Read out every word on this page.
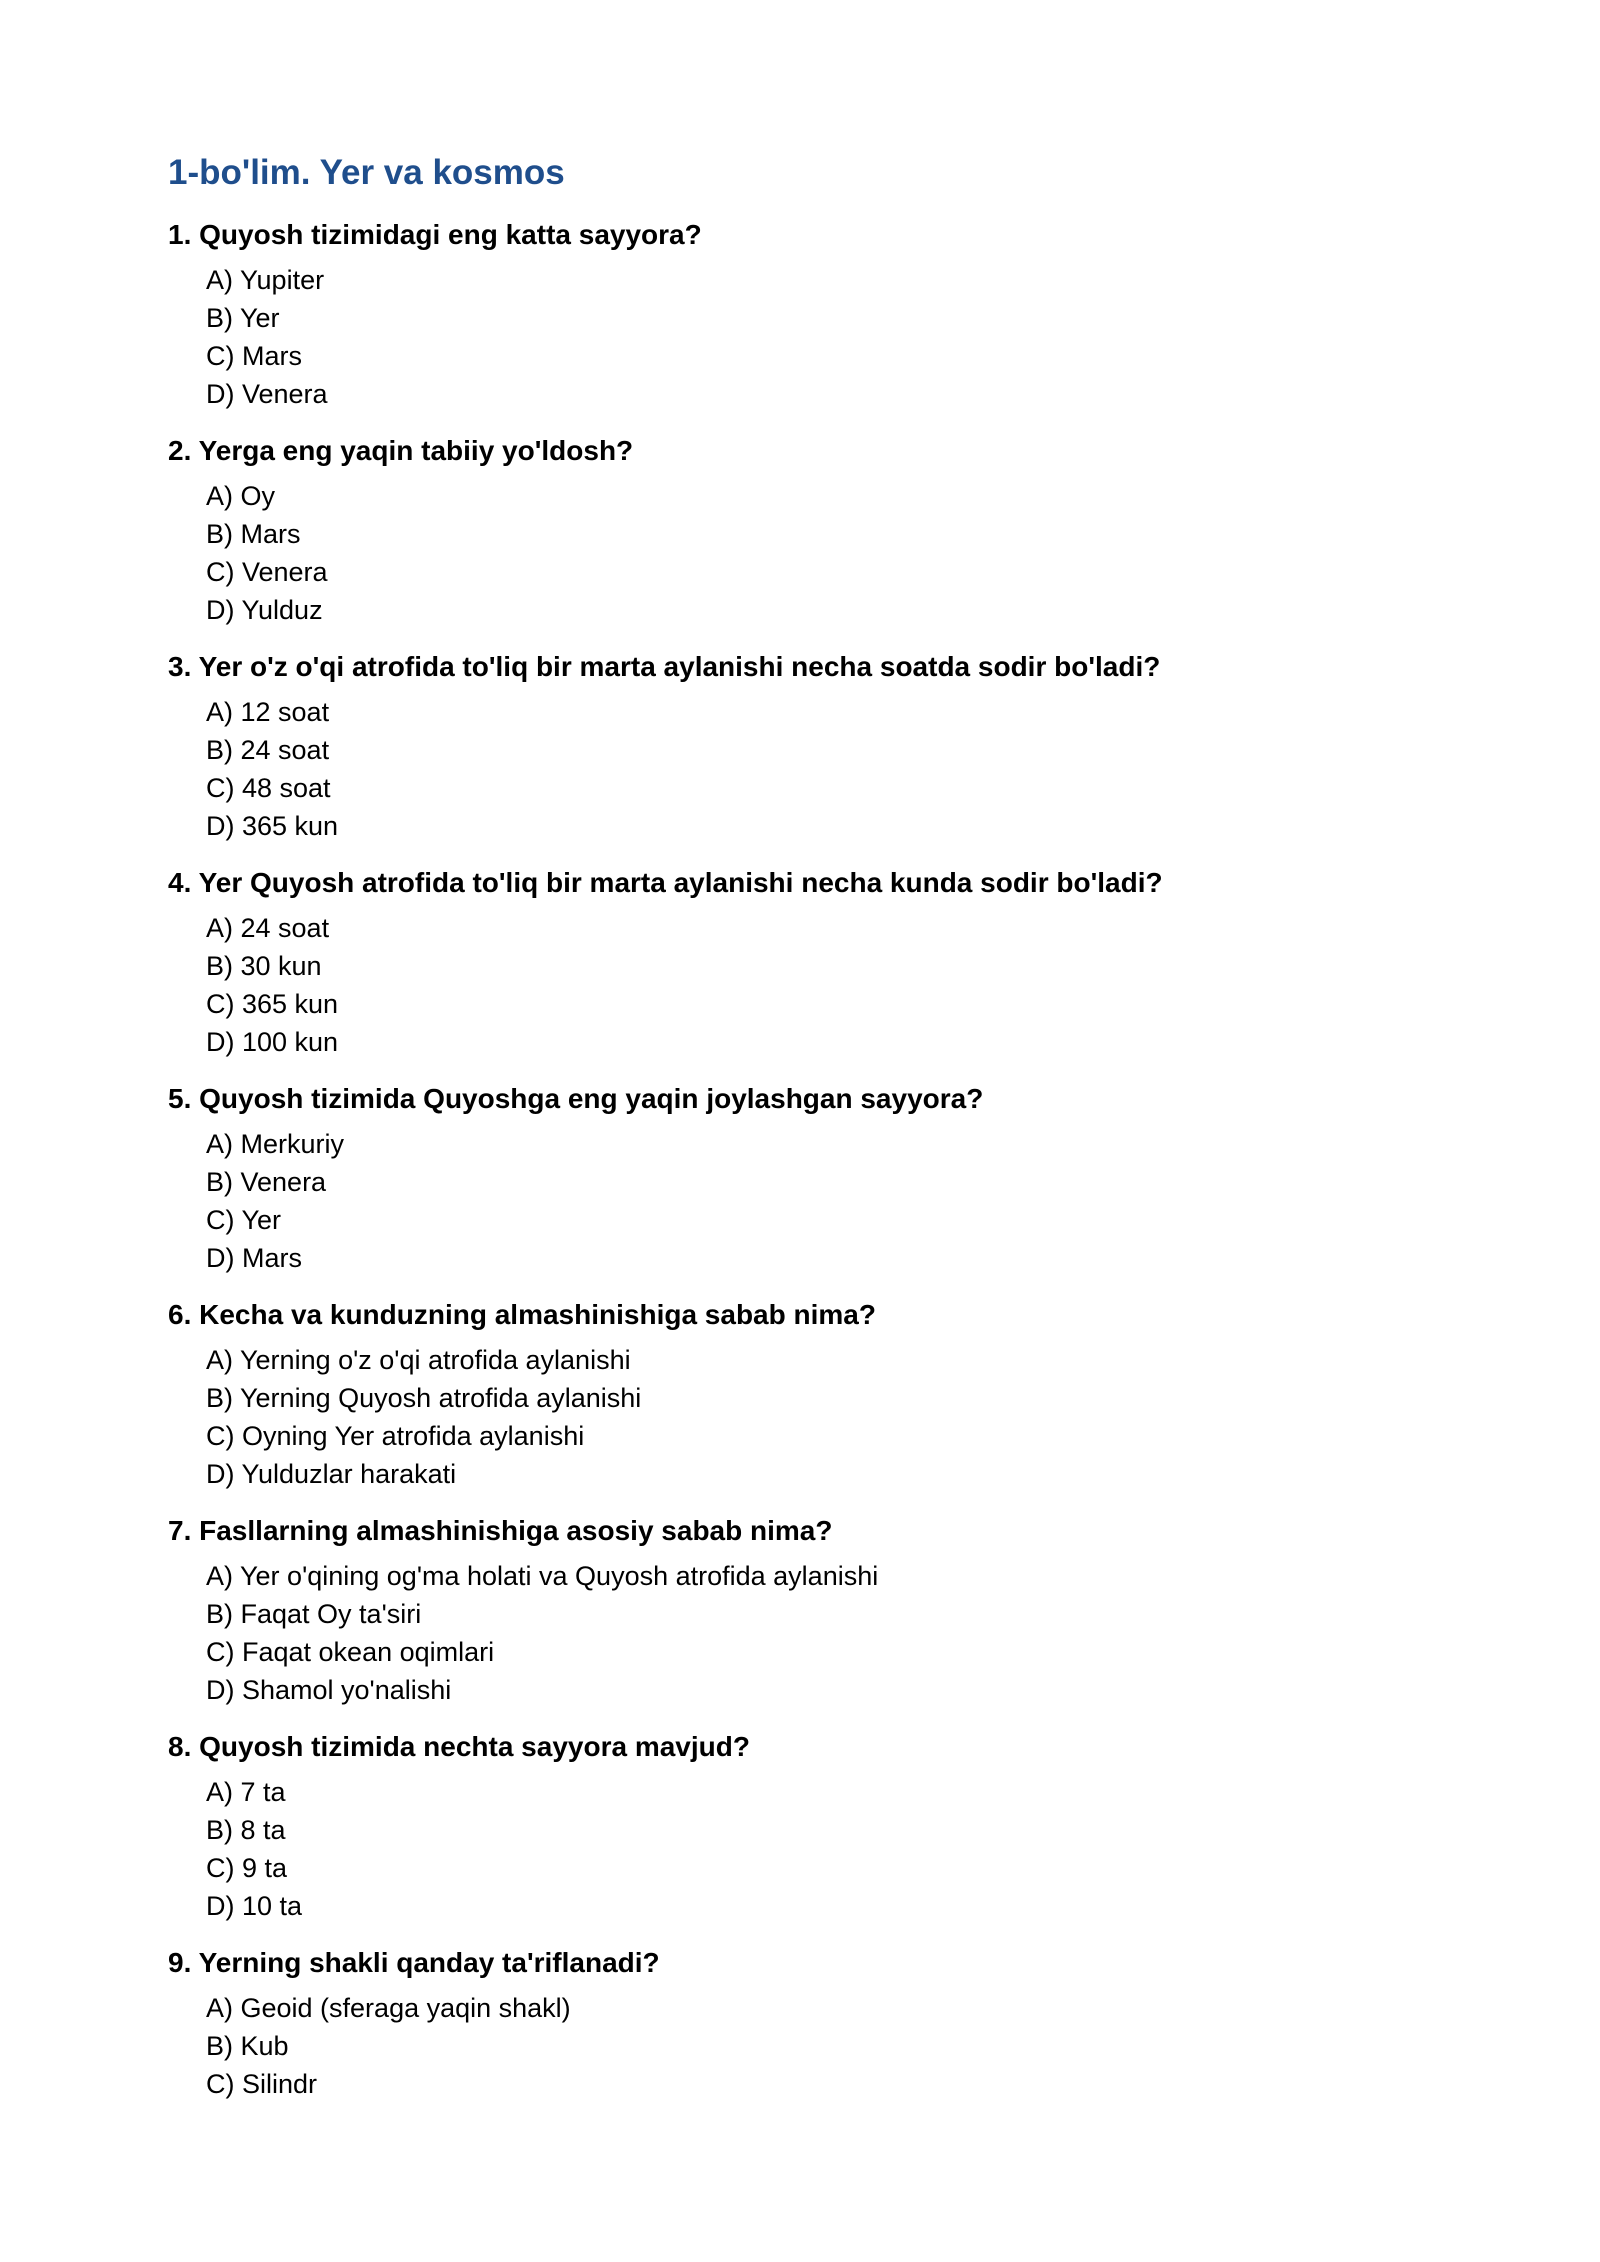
1-bo'lim. Yer va kosmos

1. Quyosh tizimidagi eng katta sayyora?

A) Yupiter
B) Yer
C) Mars
D) Venera

2. Yerga eng yaqin tabiiy yo'ldosh?

A) Oy
B) Mars
C) Venera
D) Yulduz

3. Yer o'z o'qi atrofida to'liq bir marta aylanishi necha soatda sodir bo'ladi?

A) 12 soat
B) 24 soat
C) 48 soat
D) 365 kun

4. Yer Quyosh atrofida to'liq bir marta aylanishi necha kunda sodir bo'ladi?

A) 24 soat
B) 30 kun
C) 365 kun
D) 100 kun

5. Quyosh tizimida Quyoshga eng yaqin joylashgan sayyora?

A) Merkuriy
B) Venera
C) Yer
D) Mars

6. Kecha va kunduzning almashinishiga sabab nima?

A) Yerning o'z o'qi atrofida aylanishi
B) Yerning Quyosh atrofida aylanishi
C) Oyning Yer atrofida aylanishi
D) Yulduzlar harakati

7. Fasllarning almashinishiga asosiy sabab nima?

A) Yer o'qining og'ma holati va Quyosh atrofida aylanishi
B) Faqat Oy ta'siri
C) Faqat okean oqimlari
D) Shamol yo'nalishi

8. Quyosh tizimida nechta sayyora mavjud?

A) 7 ta
B) 8 ta
C) 9 ta
D) 10 ta

9. Yerning shakli qanday ta'riflanadi?

A) Geoid (sferaga yaqin shakl)
B) Kub
C) Silindr
